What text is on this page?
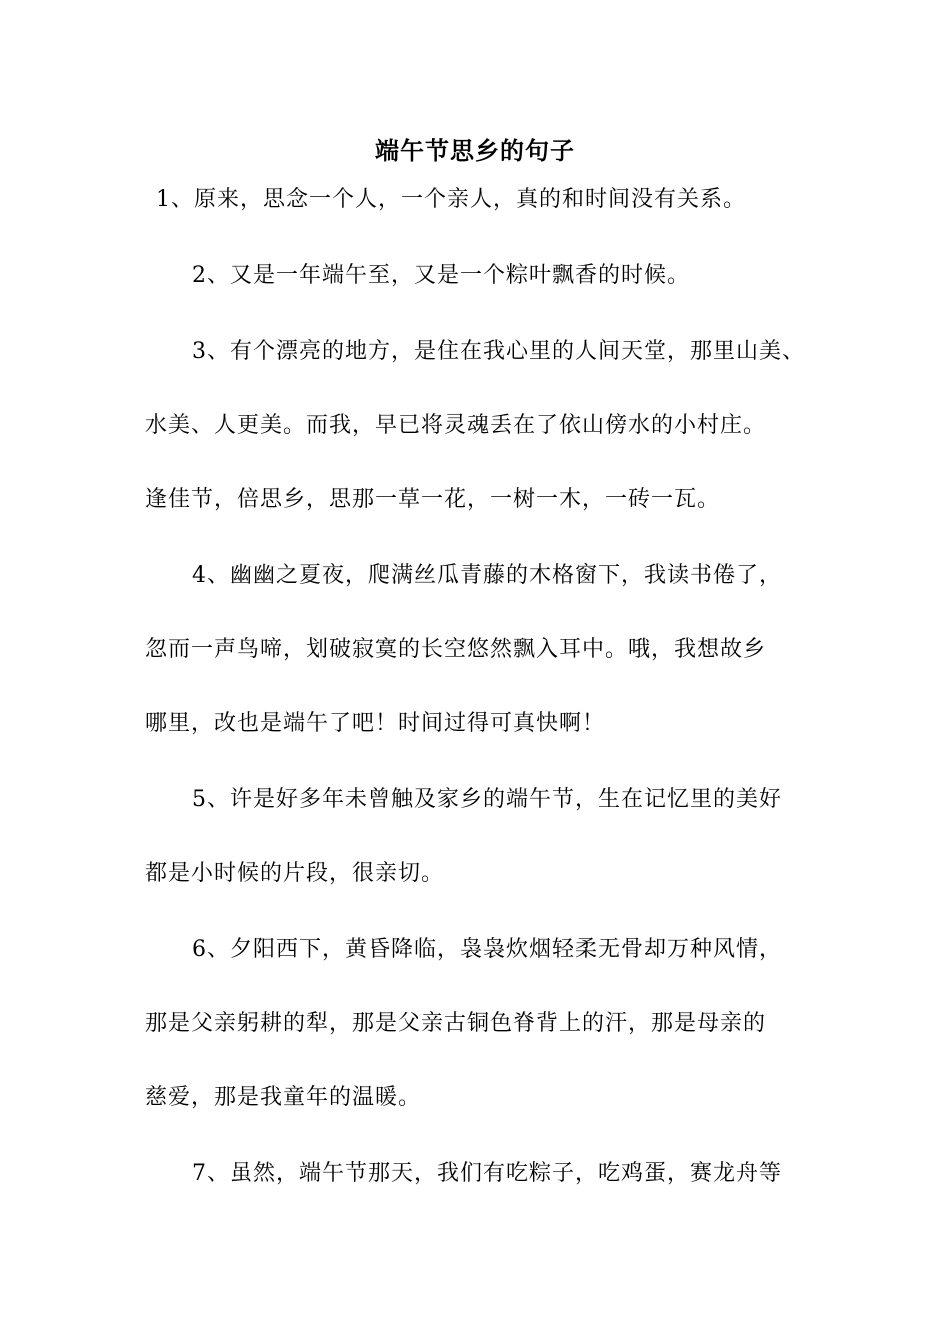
端午节思乡的句子
1、原来，思念一个人，一个亲人，真的和时间没有关系。
2、又是一年端午至，又是一个粽叶飘香的时候。
3、有个漂亮的地方，是住在我心里的人间天堂，那里山美、
水美、人更美。而我，早已将灵魂丢在了依山傍水的小村庄。
逢佳节，倍思乡，思那一草一花，一树一木，一砖一瓦。
4、幽幽之夏夜，爬满丝瓜青藤的木格窗下，我读书倦了，
忽而一声鸟啼，划破寂寞的长空悠然飘入耳中。哦，我想故乡
哪里，改也是端午了吧！时间过得可真快啊！
5、许是好多年未曾触及家乡的端午节，生在记忆里的美好
都是小时候的片段，很亲切。
6、夕阳西下，黄昏降临，袅袅炊烟轻柔无骨却万种风情，
那是父亲躬耕的犁，那是父亲古铜色脊背上的汗，那是母亲的
慈爱，那是我童年的温暖。
7、虽然，端午节那天，我们有吃粽子，吃鸡蛋，赛龙舟等
